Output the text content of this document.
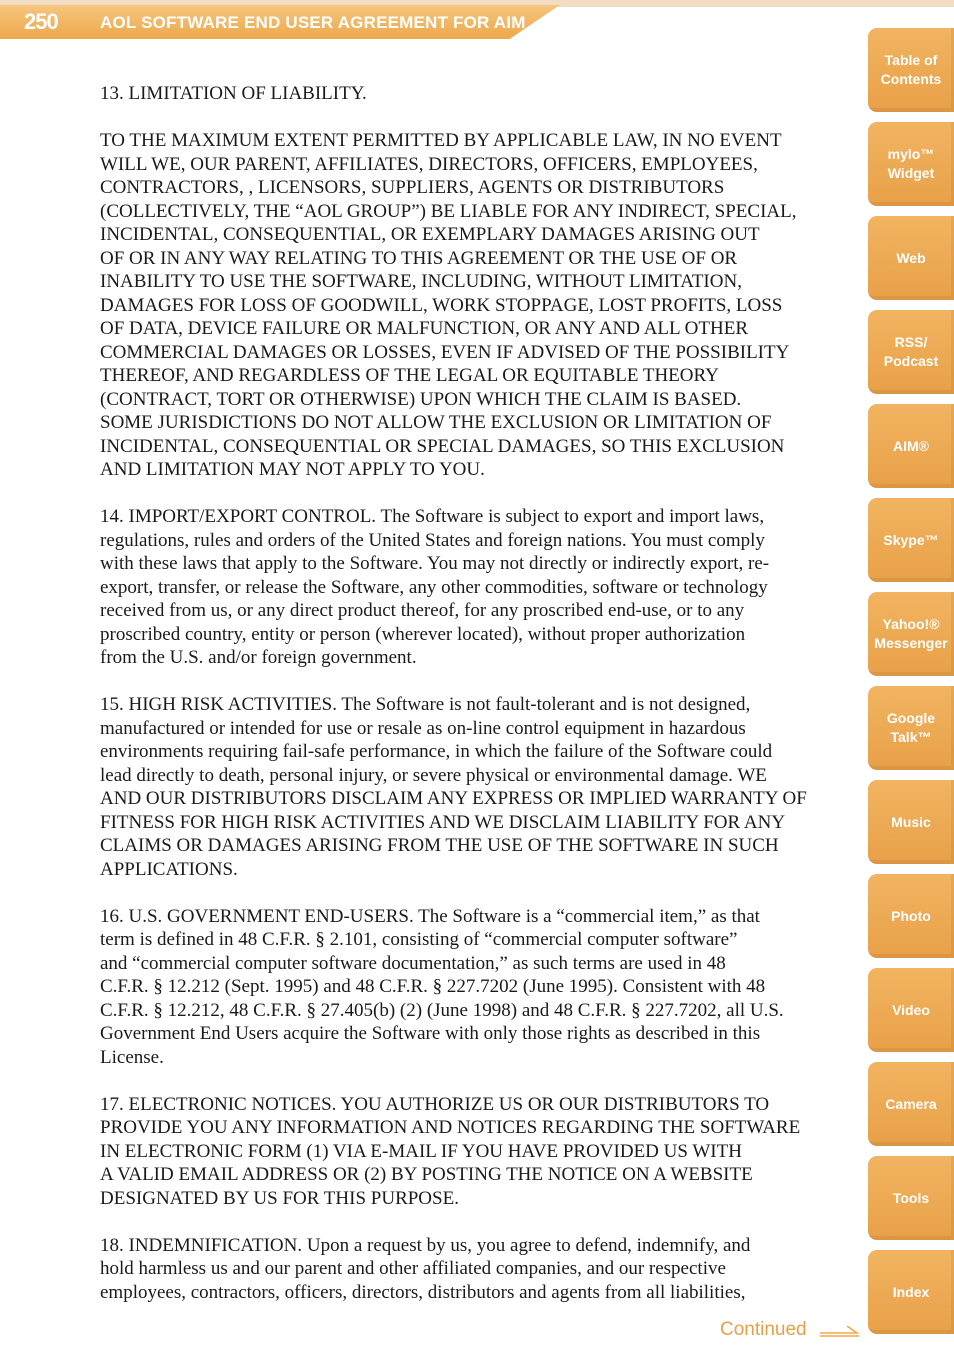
250 AOL SOFTWARE END USER AGREEMENT FOR AIM

13. LIMITATION OF LIABILITY.

TO THE MAXIMUM EXTENT PERMITTED BY APPLICABLE LAW, IN NO EVENT
WILL WE, OUR PARENT, AFFILIATES, DIRECTORS, OFFICERS, EMPLOYEES,
CONTRACTORS, , LICENSORS, SUPPLIERS, AGENTS OR DISTRIBUTORS
(COLLECTIVELY, THE “AOL GROUP”) BE LIABLE FOR ANY INDIRECT, SPECIAL,
INCIDENTAL, CONSEQUENTIAL, OR EXEMPLARY DAMAGES ARISING OUT
OF OR IN ANY WAY RELATING TO THIS AGREEMENT OR THE USE OF OR
INABILITY TO USE THE SOFTWARE, INCLUDING, WITHOUT LIMITATION,
DAMAGES FOR LOSS OF GOODWILL, WORK STOPPAGE, LOST PROFITS, LOSS
OF DATA, DEVICE FAILURE OR MALFUNCTION, OR ANY AND ALL OTHER
COMMERCIAL DAMAGES OR LOSSES, EVEN IF ADVISED OF THE POSSIBILITY
THEREOF, AND REGARDLESS OF THE LEGAL OR EQUITABLE THEORY
(CONTRACT, TORT OR OTHERWISE) UPON WHICH THE CLAIM IS BASED.
SOME JURISDICTIONS DO NOT ALLOW THE EXCLUSION OR LIMITATION OF
INCIDENTAL, CONSEQUENTIAL OR SPECIAL DAMAGES, SO THIS EXCLUSION
AND LIMITATION MAY NOT APPLY TO YOU.

14. IMPORT/EXPORT CONTROL. The Software is subject to export and import laws,
regulations, rules and orders of the United States and foreign nations. You must comply
with these laws that apply to the Software. You may not directly or indirectly export, re-
export, transfer, or release the Software, any other commodities, software or technology
received from us, or any direct product thereof, for any proscribed end-use, or to any
proscribed country, entity or person (wherever located), without proper authorization
from the U.S. and/or foreign government.

15. HIGH RISK ACTIVITIES. The Software is not fault-tolerant and is not designed,
manufactured or intended for use or resale as on-line control equipment in hazardous
environments requiring fail-safe performance, in which the failure of the Software could
lead directly to death, personal injury, or severe physical or environmental damage. WE
AND OUR DISTRIBUTORS DISCLAIM ANY EXPRESS OR IMPLIED WARRANTY OF
FITNESS FOR HIGH RISK ACTIVITIES AND WE DISCLAIM LIABILITY FOR ANY
CLAIMS OR DAMAGES ARISING FROM THE USE OF THE SOFTWARE IN SUCH
APPLICATIONS.

16. U.S. GOVERNMENT END-USERS. The Software is a “commercial item,” as that
term is defined in 48 C.F.R. § 2.101, consisting of “commercial computer software”
and “commercial computer software documentation,” as such terms are used in 48
C.F.R. § 12.212 (Sept. 1995) and 48 C.F.R. § 227.7202 (June 1995). Consistent with 48
C.F.R. § 12.212, 48 C.F.R. § 27.405(b) (2) (June 1998) and 48 C.F.R. § 227.7202, all U.S.
Government End Users acquire the Software with only those rights as described in this
License.

17. ELECTRONIC NOTICES. YOU AUTHORIZE US OR OUR DISTRIBUTORS TO
PROVIDE YOU ANY INFORMATION AND NOTICES REGARDING THE SOFTWARE
IN ELECTRONIC FORM (1) VIA E-MAIL IF YOU HAVE PROVIDED US WITH
A VALID EMAIL ADDRESS OR (2) BY POSTING THE NOTICE ON A WEBSITE
DESIGNATED BY US FOR THIS PURPOSE.

18. INDEMNIFICATION. Upon a request by us, you agree to defend, indemnify, and
hold harmless us and our parent and other affiliated companies, and our respective
employees, contractors, officers, directors, distributors and agents from all liabilities,

Table of
Contents
mylo™
Widget
Web
RSS/
Podcast
AIM®
Skype™
Yahoo!®
Messenger
Google
Talk™
Music
Photo
Video
Camera
Tools
Index
Continued
